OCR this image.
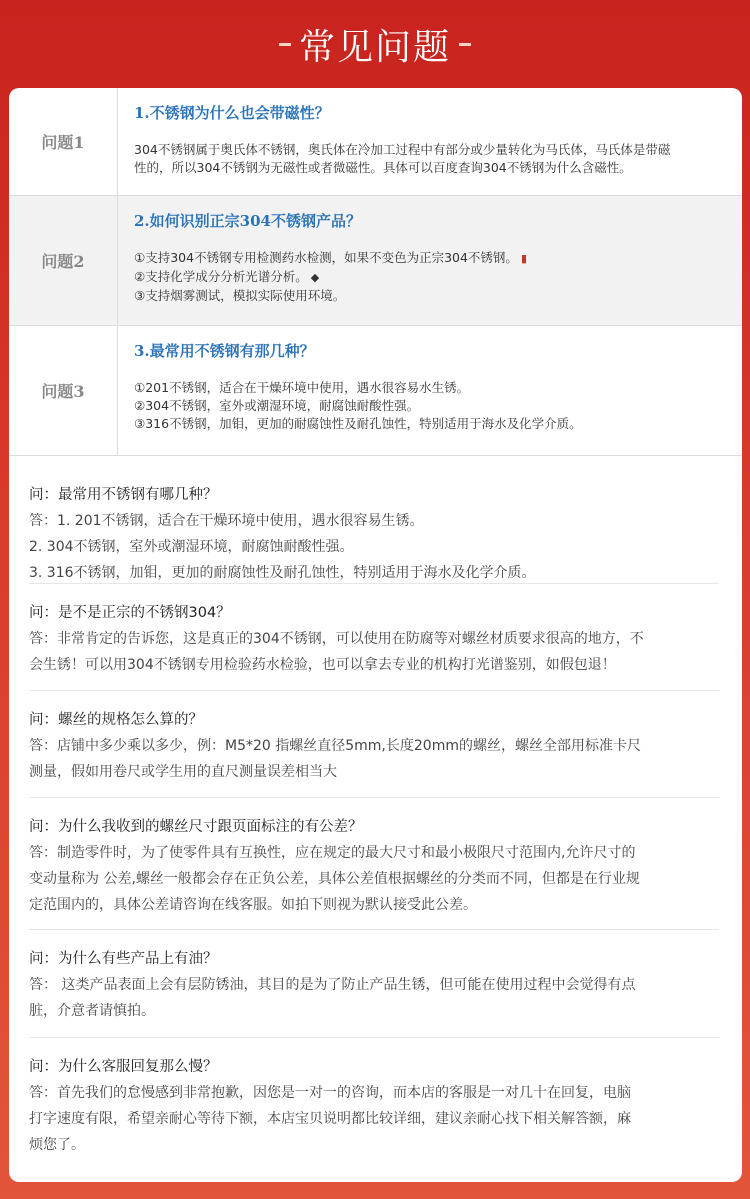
常见问题
问题1
1.不锈钢为什么也会带磁性？

304不锈钢属于奥氏体不锈钢，奥氏体在冷加工过程中有部分或少量转化为马氏体，马氏体是带磁

性的，所以304不锈钢为无磁性或者微磁性。具体可以百度查询304不锈钢为什么含磁性。

问题2
2.如何识别正宗304不锈钢产品？

①支持304不锈钢专用检测药水检测，如果不变色为正宗304不锈钢。 ▮

②支持化学成分分析光谱分析。 ◆

③支持烟雾测试，模拟实际使用环境。

问题3
3.最常用不锈钢有那几种？

①201不锈钢，适合在干燥环境中使用，遇水很容易水生锈。

②304不锈钢，室外或潮湿环境，耐腐蚀耐酸性强。

③316不锈钢，加钼，更加的耐腐蚀性及耐孔蚀性，特别适用于海水及化学介质。

问：最常用不锈钢有哪几种？
答：1. 201不锈钢，适合在干燥环境中使用，遇水很容易生锈。
2. 304不锈钢，室外或潮湿环境，耐腐蚀耐酸性强。
3. 316不锈钢，加钼，更加的耐腐蚀性及耐孔蚀性，特别适用于海水及化学介质。
问：是不是正宗的不锈钢304？
答：非常肯定的告诉您，这是真正的304不锈钢，可以使用在防腐等对螺丝材质要求很高的地方，不
会生锈！可以用304不锈钢专用检验药水检验，也可以拿去专业的机构打光谱鉴别，如假包退！
问：螺丝的规格怎么算的？
答：店铺中多少乘以多少，例：M5*20 指螺丝直径5mm,长度20mm的螺丝，螺丝全部用标准卡尺
测量，假如用卷尺或学生用的直尺测量误差相当大
问：为什么我收到的螺丝尺寸跟页面标注的有公差？
答：制造零件时，为了使零件具有互换性，应在规定的最大尺寸和最小极限尺寸范围内,允许尺寸的
变动量称为 公差,螺丝一般都会存在正负公差，具体公差值根据螺丝的分类而不同，但都是在行业规
定范围内的，具体公差请咨询在线客服。如拍下则视为默认接受此公差。
问：为什么有些产品上有油？
答： 这类产品表面上会有层防锈油，其目的是为了防止产品生锈，但可能在使用过程中会觉得有点
脏，介意者请慎拍。
问：为什么客服回复那么慢？
答：首先我们的怠慢感到非常抱歉，因您是一对一的咨询，而本店的客服是一对几十在回复，电脑
打字速度有限，希望亲耐心等待下额，本店宝贝说明都比较详细，建议亲耐心找下相关解答额，麻
烦您了。
